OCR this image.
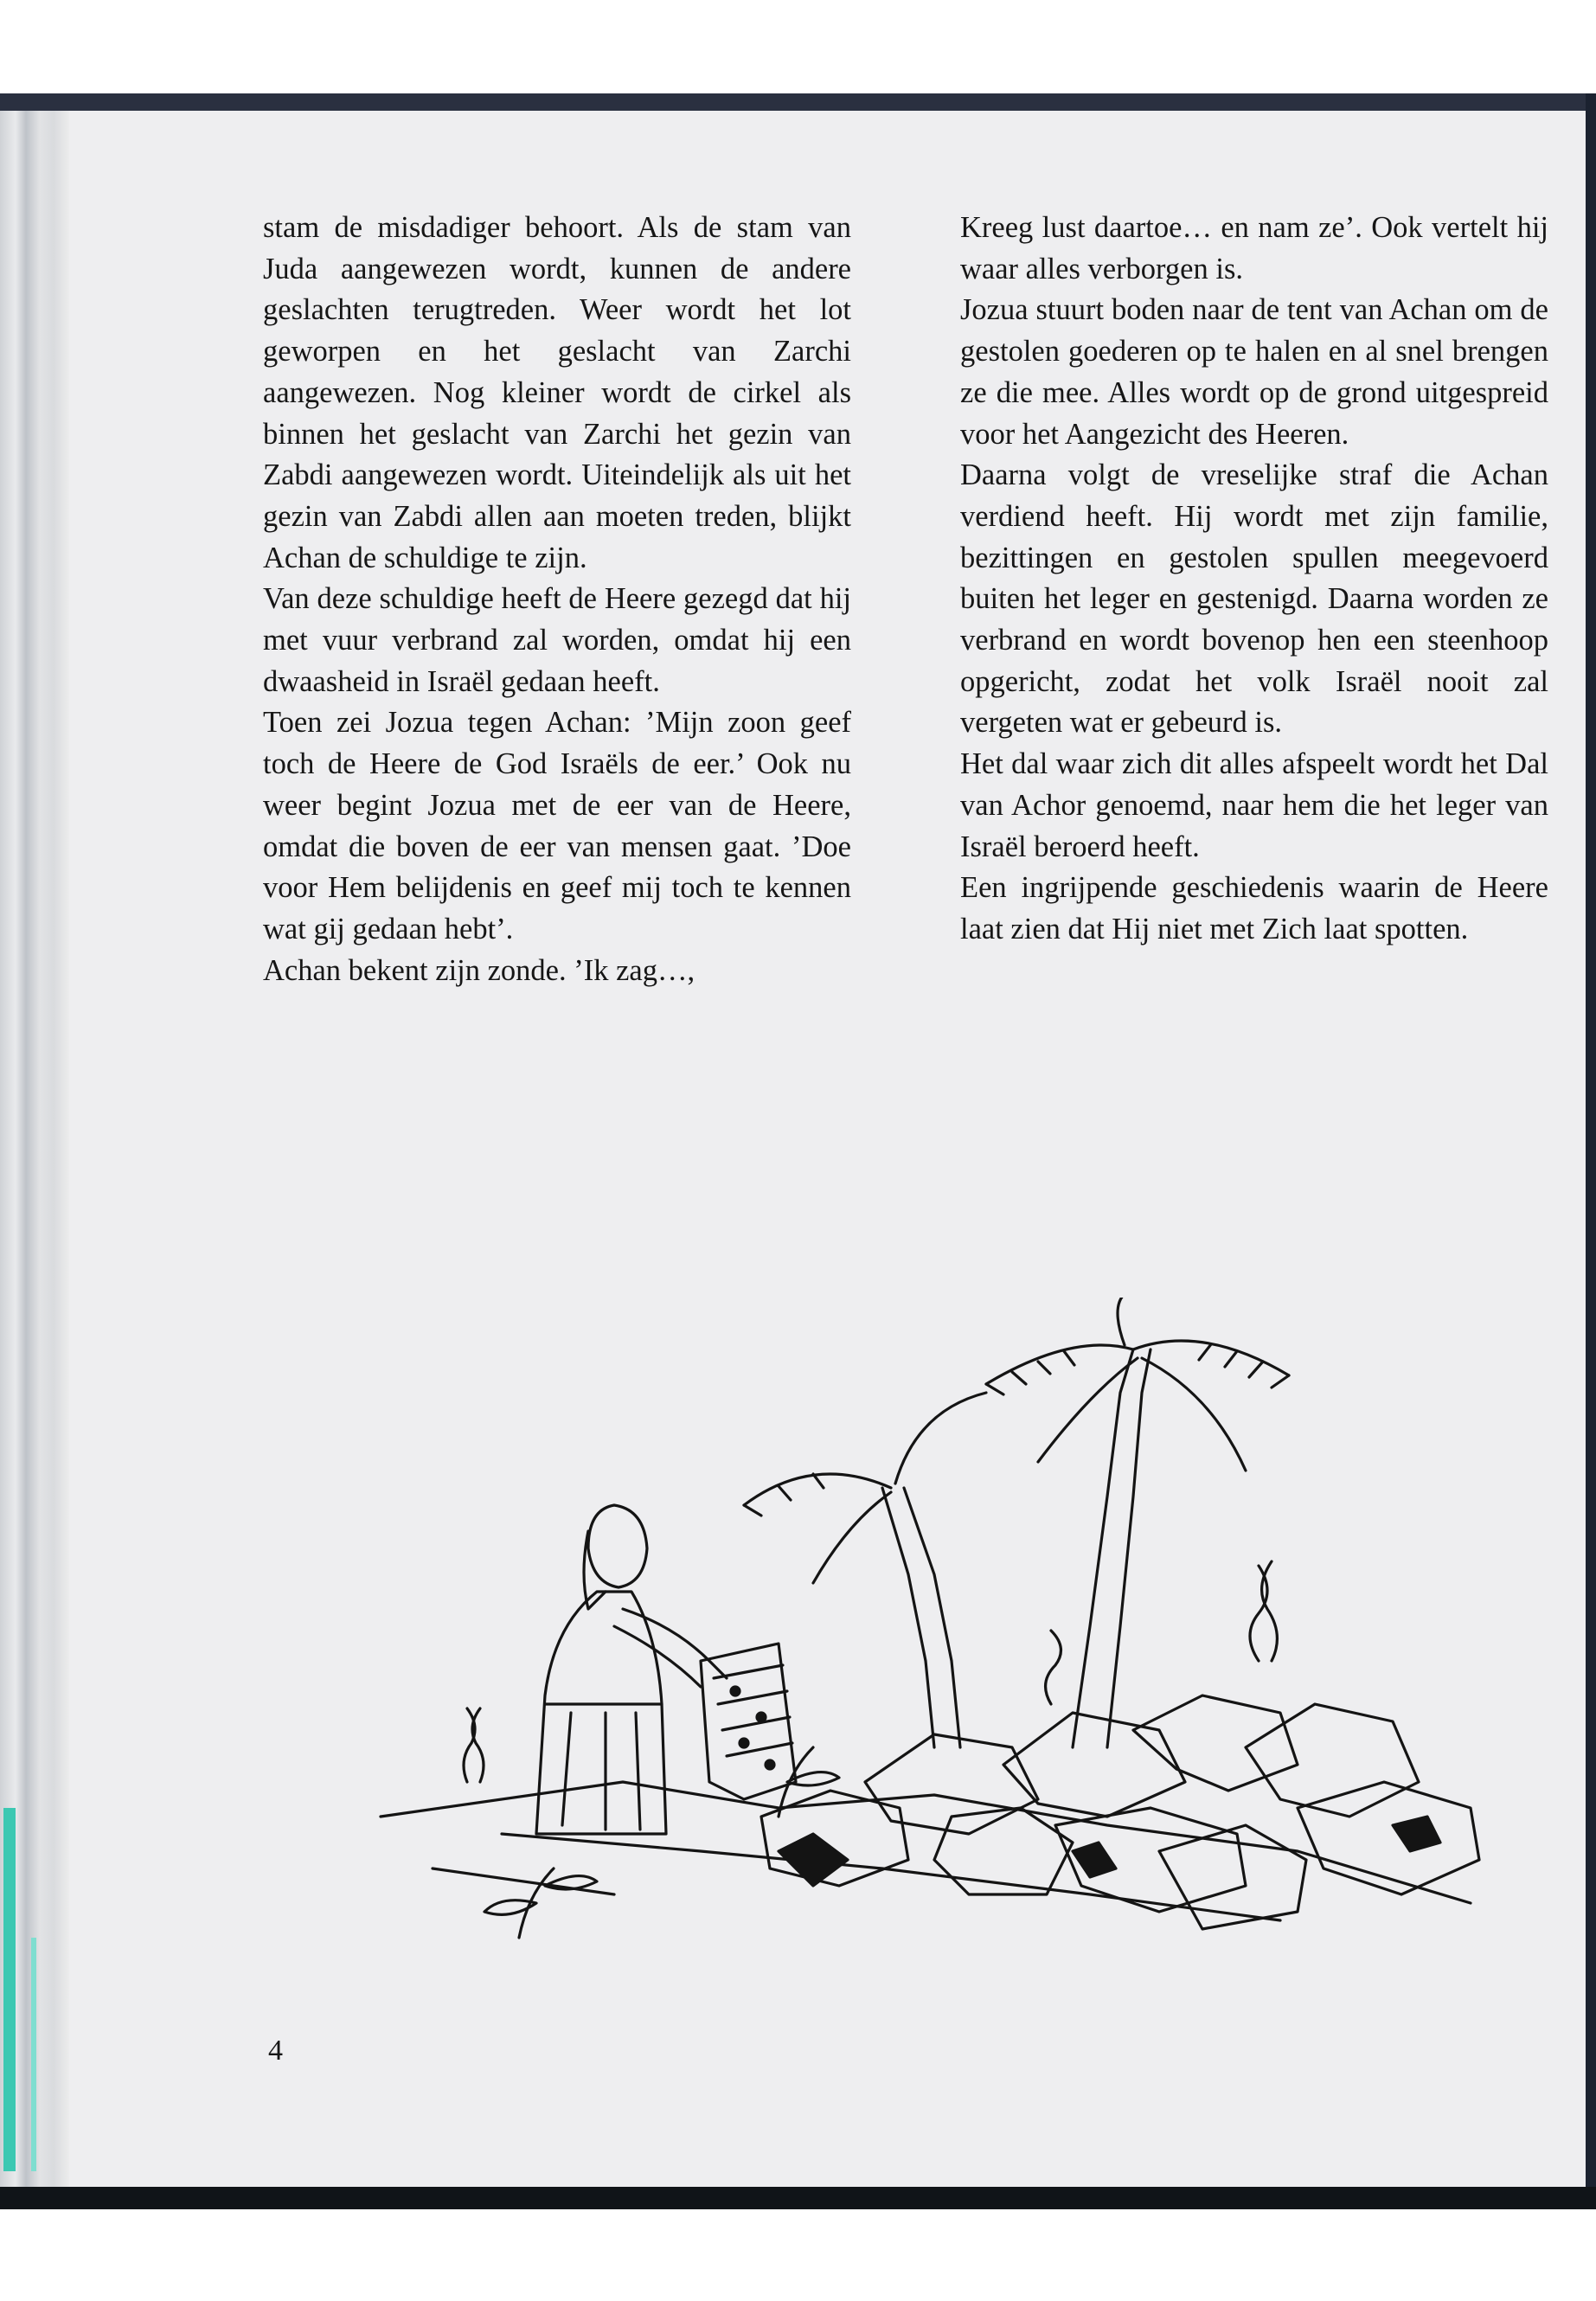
stam de misdadiger behoort. Als de stam van Juda aangewezen wordt, kunnen de andere geslachten terugtreden. Weer wordt het lot geworpen en het geslacht van Zarchi aangewezen. Nog kleiner wordt de cirkel als binnen het geslacht van Zarchi het gezin van Zabdi aangewezen wordt. Uiteindelijk als uit het gezin van Zabdi allen aan moeten treden, blijkt Achan de schuldige te zijn.

Van deze schuldige heeft de Heere gezegd dat hij met vuur verbrand zal worden, omdat hij een dwaasheid in Israël gedaan heeft.

Toen zei Jozua tegen Achan: ’Mijn zoon geef toch de Heere de God Israëls de eer.’ Ook nu weer begint Jozua met de eer van de Heere, omdat die boven de eer van mensen gaat. ’Doe voor Hem belijdenis en geef mij toch te kennen wat gij gedaan hebt’.

Achan bekent zijn zonde. ’Ik zag…,

Kreeg lust daartoe… en nam ze’. Ook vertelt hij waar alles verborgen is.

Jozua stuurt boden naar de tent van Achan om de gestolen goederen op te halen en al snel brengen ze die mee. Alles wordt op de grond uitgespreid voor het Aangezicht des Heeren.

Daarna volgt de vreselijke straf die Achan verdiend heeft. Hij wordt met zijn familie, bezittingen en gestolen spullen meegevoerd buiten het leger en gestenigd. Daarna worden ze verbrand en wordt bovenop hen een steenhoop opgericht, zodat het volk Israël nooit zal vergeten wat er gebeurd is.

Het dal waar zich dit alles afspeelt wordt het Dal van Achor genoemd, naar hem die het leger van Israël beroerd heeft.

Een ingrijpende geschiedenis waarin de Heere laat zien dat Hij niet met Zich laat spotten.

4
